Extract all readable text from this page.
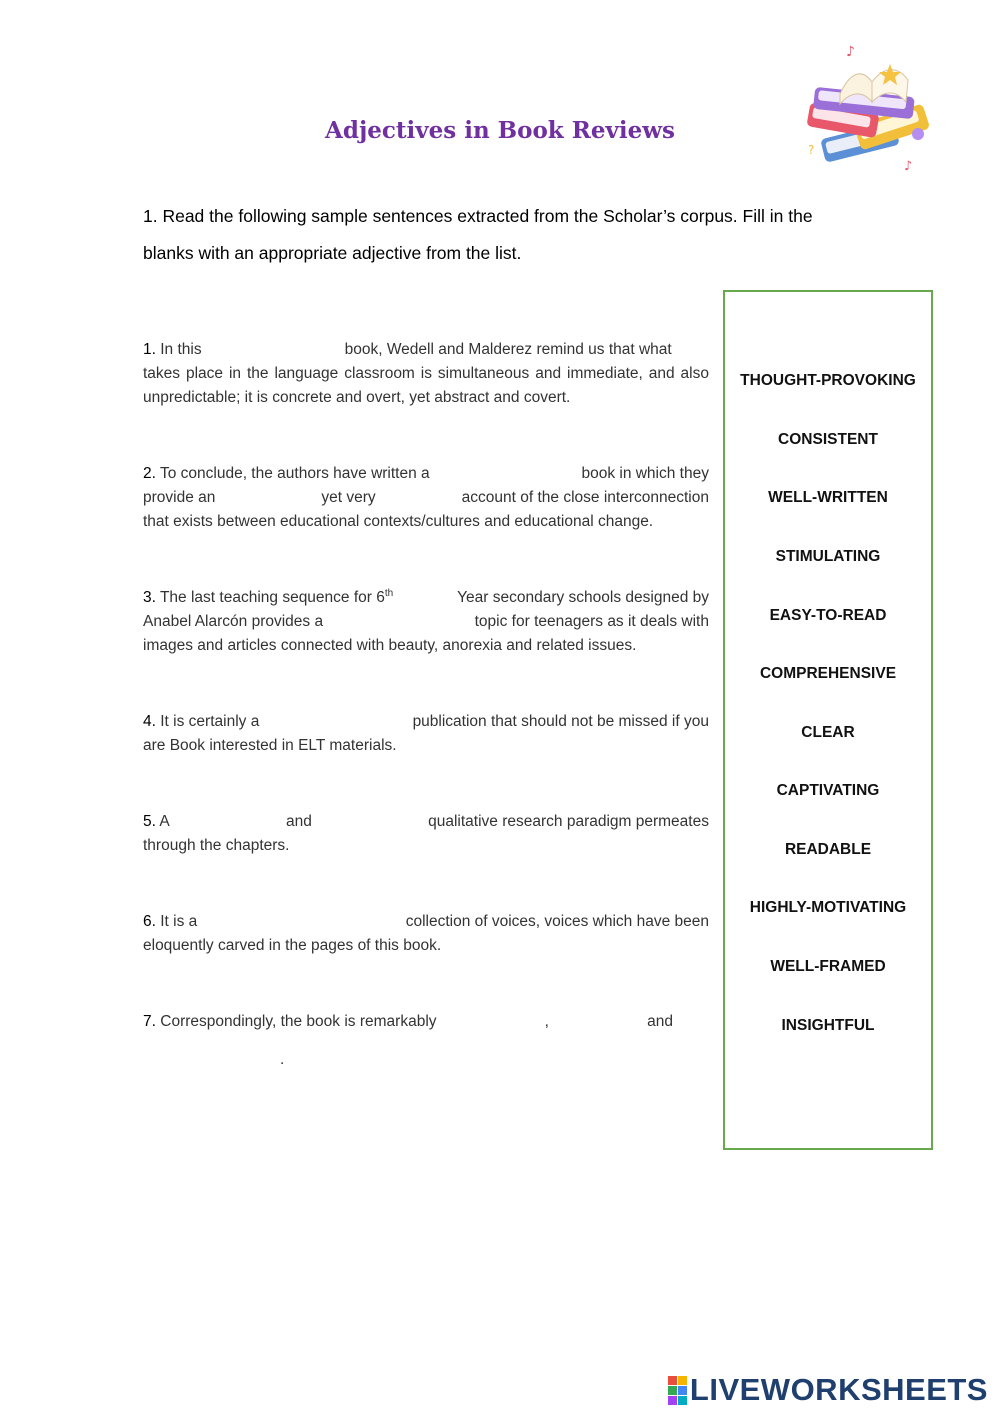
Adjectives in Book Reviews
♪
?
♪
1. Read the following sample sentences extracted from the Scholar’s corpus. Fill in the
blanks with an appropriate adjective from the list.
1.
In this	book, Wedell and Malderez remind us that what
takes place in the language classroom is simultaneous and immediate, and also unpredictable; it is concrete and overt, yet abstract and covert.
2. To conclude, the authors have written a	book in which they
provide an	yet very	account of the close interconnection
that exists between educational contexts/cultures and educational change.
3. The last teaching sequence for 6th	Year secondary schools designed by
Anabel Alarcón provides a	topic for teenagers as it deals with
images and articles connected with beauty, anorexia and related issues.
4. It is certainly a	publication that should not be missed if you
are Book interested in ELT materials.
5. A	and	qualitative research paradigm permeates
through the chapters.
6. It is a	collection of voices, voices which have been
eloquently carved in the pages of this book.
7. Correspondingly, the book is remarkably	,	and
.
THOUGHT-PROVOKING
CONSISTENT
WELL-WRITTEN
STIMULATING
EASY-TO-READ
COMPREHENSIVE
CLEAR
CAPTIVATING
READABLE
HIGHLY-MOTIVATING
WELL-FRAMED
INSIGHTFUL
LIVEWORKSHEETS
